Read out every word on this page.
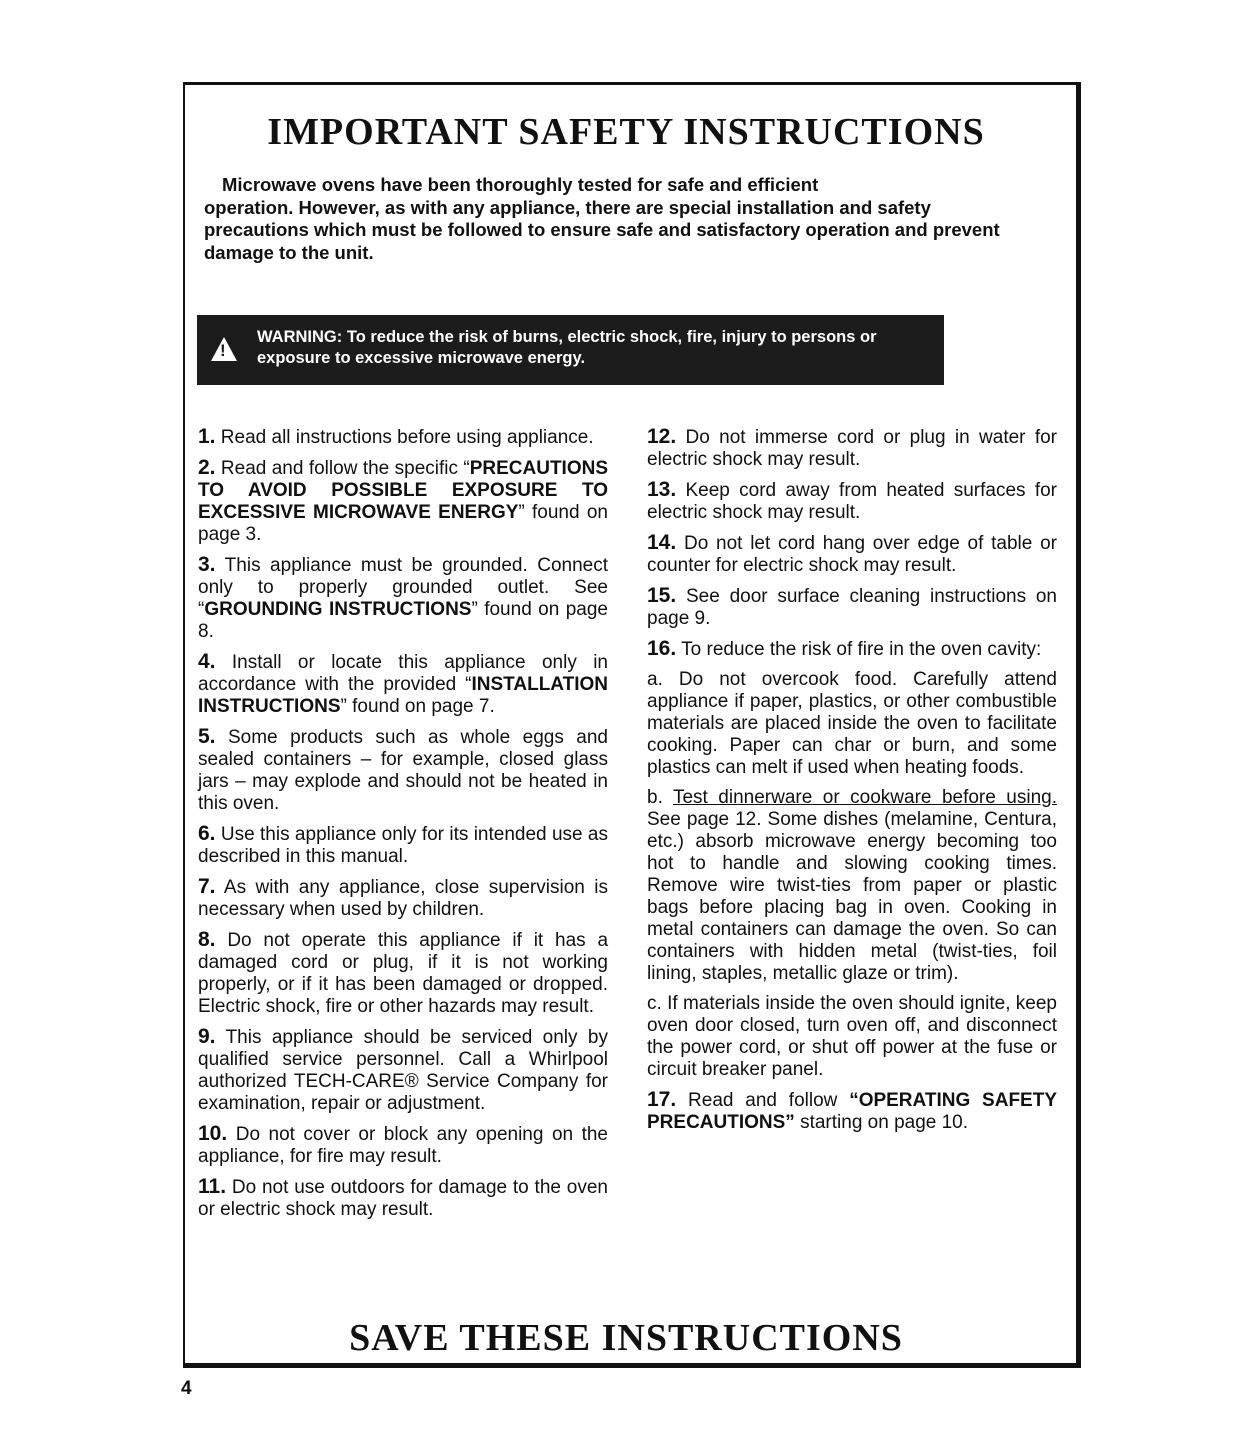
IMPORTANT SAFETY INSTRUCTIONS
Microwave ovens have been thoroughly tested for safe and efficient
operation. However, as with any appliance, there are special installation and safety precautions which must be followed to ensure safe and satisfactory operation and prevent damage to the unit.
!

WARNING: To reduce the risk of burns, electric shock, fire, injury to persons or exposure to excessive microwave energy.

1. Read all instructions before using appliance.

2. Read and follow the specific “PRECAUTIONS TO AVOID POSSIBLE EXPOSURE TO EXCESSIVE MICROWAVE ENERGY” found on page 3.

3. This appliance must be grounded. Connect only to properly grounded outlet. See “GROUNDING INSTRUCTIONS” found on page 8.

4. Install or locate this appliance only in accordance with the provided “INSTALLATION INSTRUCTIONS” found on page 7.

5. Some products such as whole eggs and sealed containers – for example, closed glass jars – may explode and should not be heated in this oven.

6. Use this appliance only for its intended use as described in this manual.

7. As with any appliance, close supervision is necessary when used by children.

8. Do not operate this appliance if it has a damaged cord or plug, if it is not working properly, or if it has been damaged or dropped. Electric shock, fire or other hazards may result.

9. This appliance should be serviced only by qualified service personnel. Call a Whirlpool authorized TECH-CARE® Service Company for examination, repair or adjustment.

10. Do not cover or block any opening on the appliance, for fire may result.

11. Do not use outdoors for damage to the oven or electric shock may result.

12. Do not immerse cord or plug in water for electric shock may result.

13. Keep cord away from heated surfaces for electric shock may result.

14. Do not let cord hang over edge of table or counter for electric shock may result.

15. See door surface cleaning instructions on page 9.

16. To reduce the risk of fire in the oven cavity:

a. Do not overcook food. Carefully attend appliance if paper, plastics, or other combustible materials are placed inside the oven to facilitate cooking. Paper can char or burn, and some plastics can melt if used when heating foods.

b. Test dinnerware or cookware before using. See page 12. Some dishes (melamine, Centura, etc.) absorb microwave energy becoming too hot to handle and slowing cooking times. Remove wire twist-ties from paper or plastic bags before placing bag in oven. Cooking in metal containers can damage the oven. So can containers with hidden metal (twist-ties, foil lining, staples, metallic glaze or trim).

c. If materials inside the oven should ignite, keep oven door closed, turn oven off, and disconnect the power cord, or shut off power at the fuse or circuit breaker panel.

17. Read and follow “OPERATING SAFETY PRECAUTIONS” starting on page 10.

SAVE THESE INSTRUCTIONS
4
